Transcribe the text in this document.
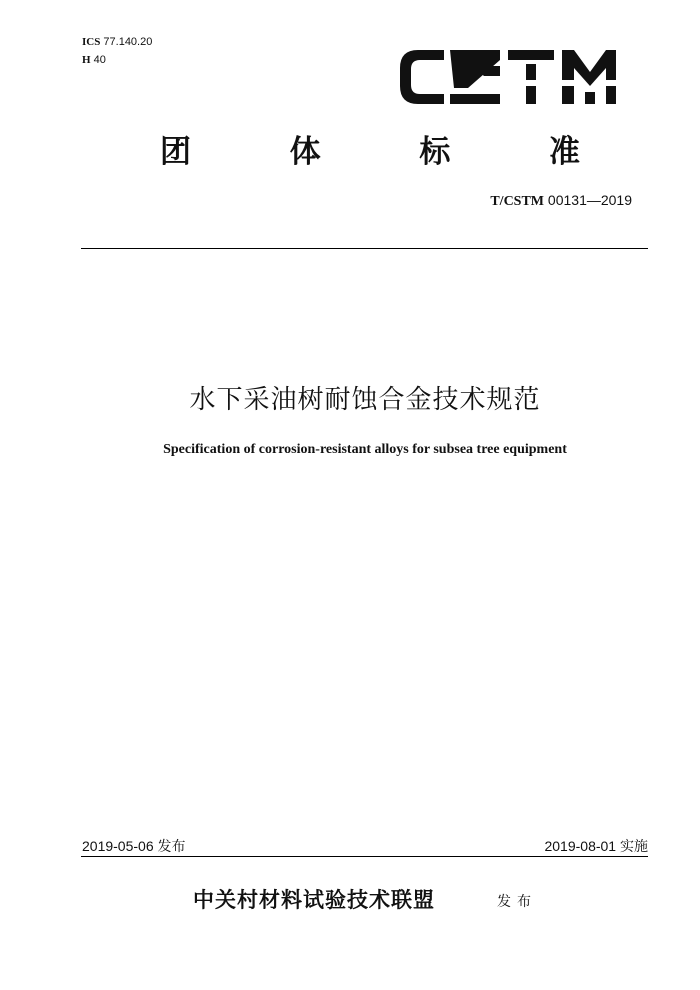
ICS 77.140.20
H 40
团	体	标	准
T/CSTM 00131—2019
水下采油树耐蚀合金技术规范
Specification of corrosion-resistant alloys for subsea tree equipment
2019-05-06 发布	2019-08-01 实施
中关村材料试验技术联盟	发布
